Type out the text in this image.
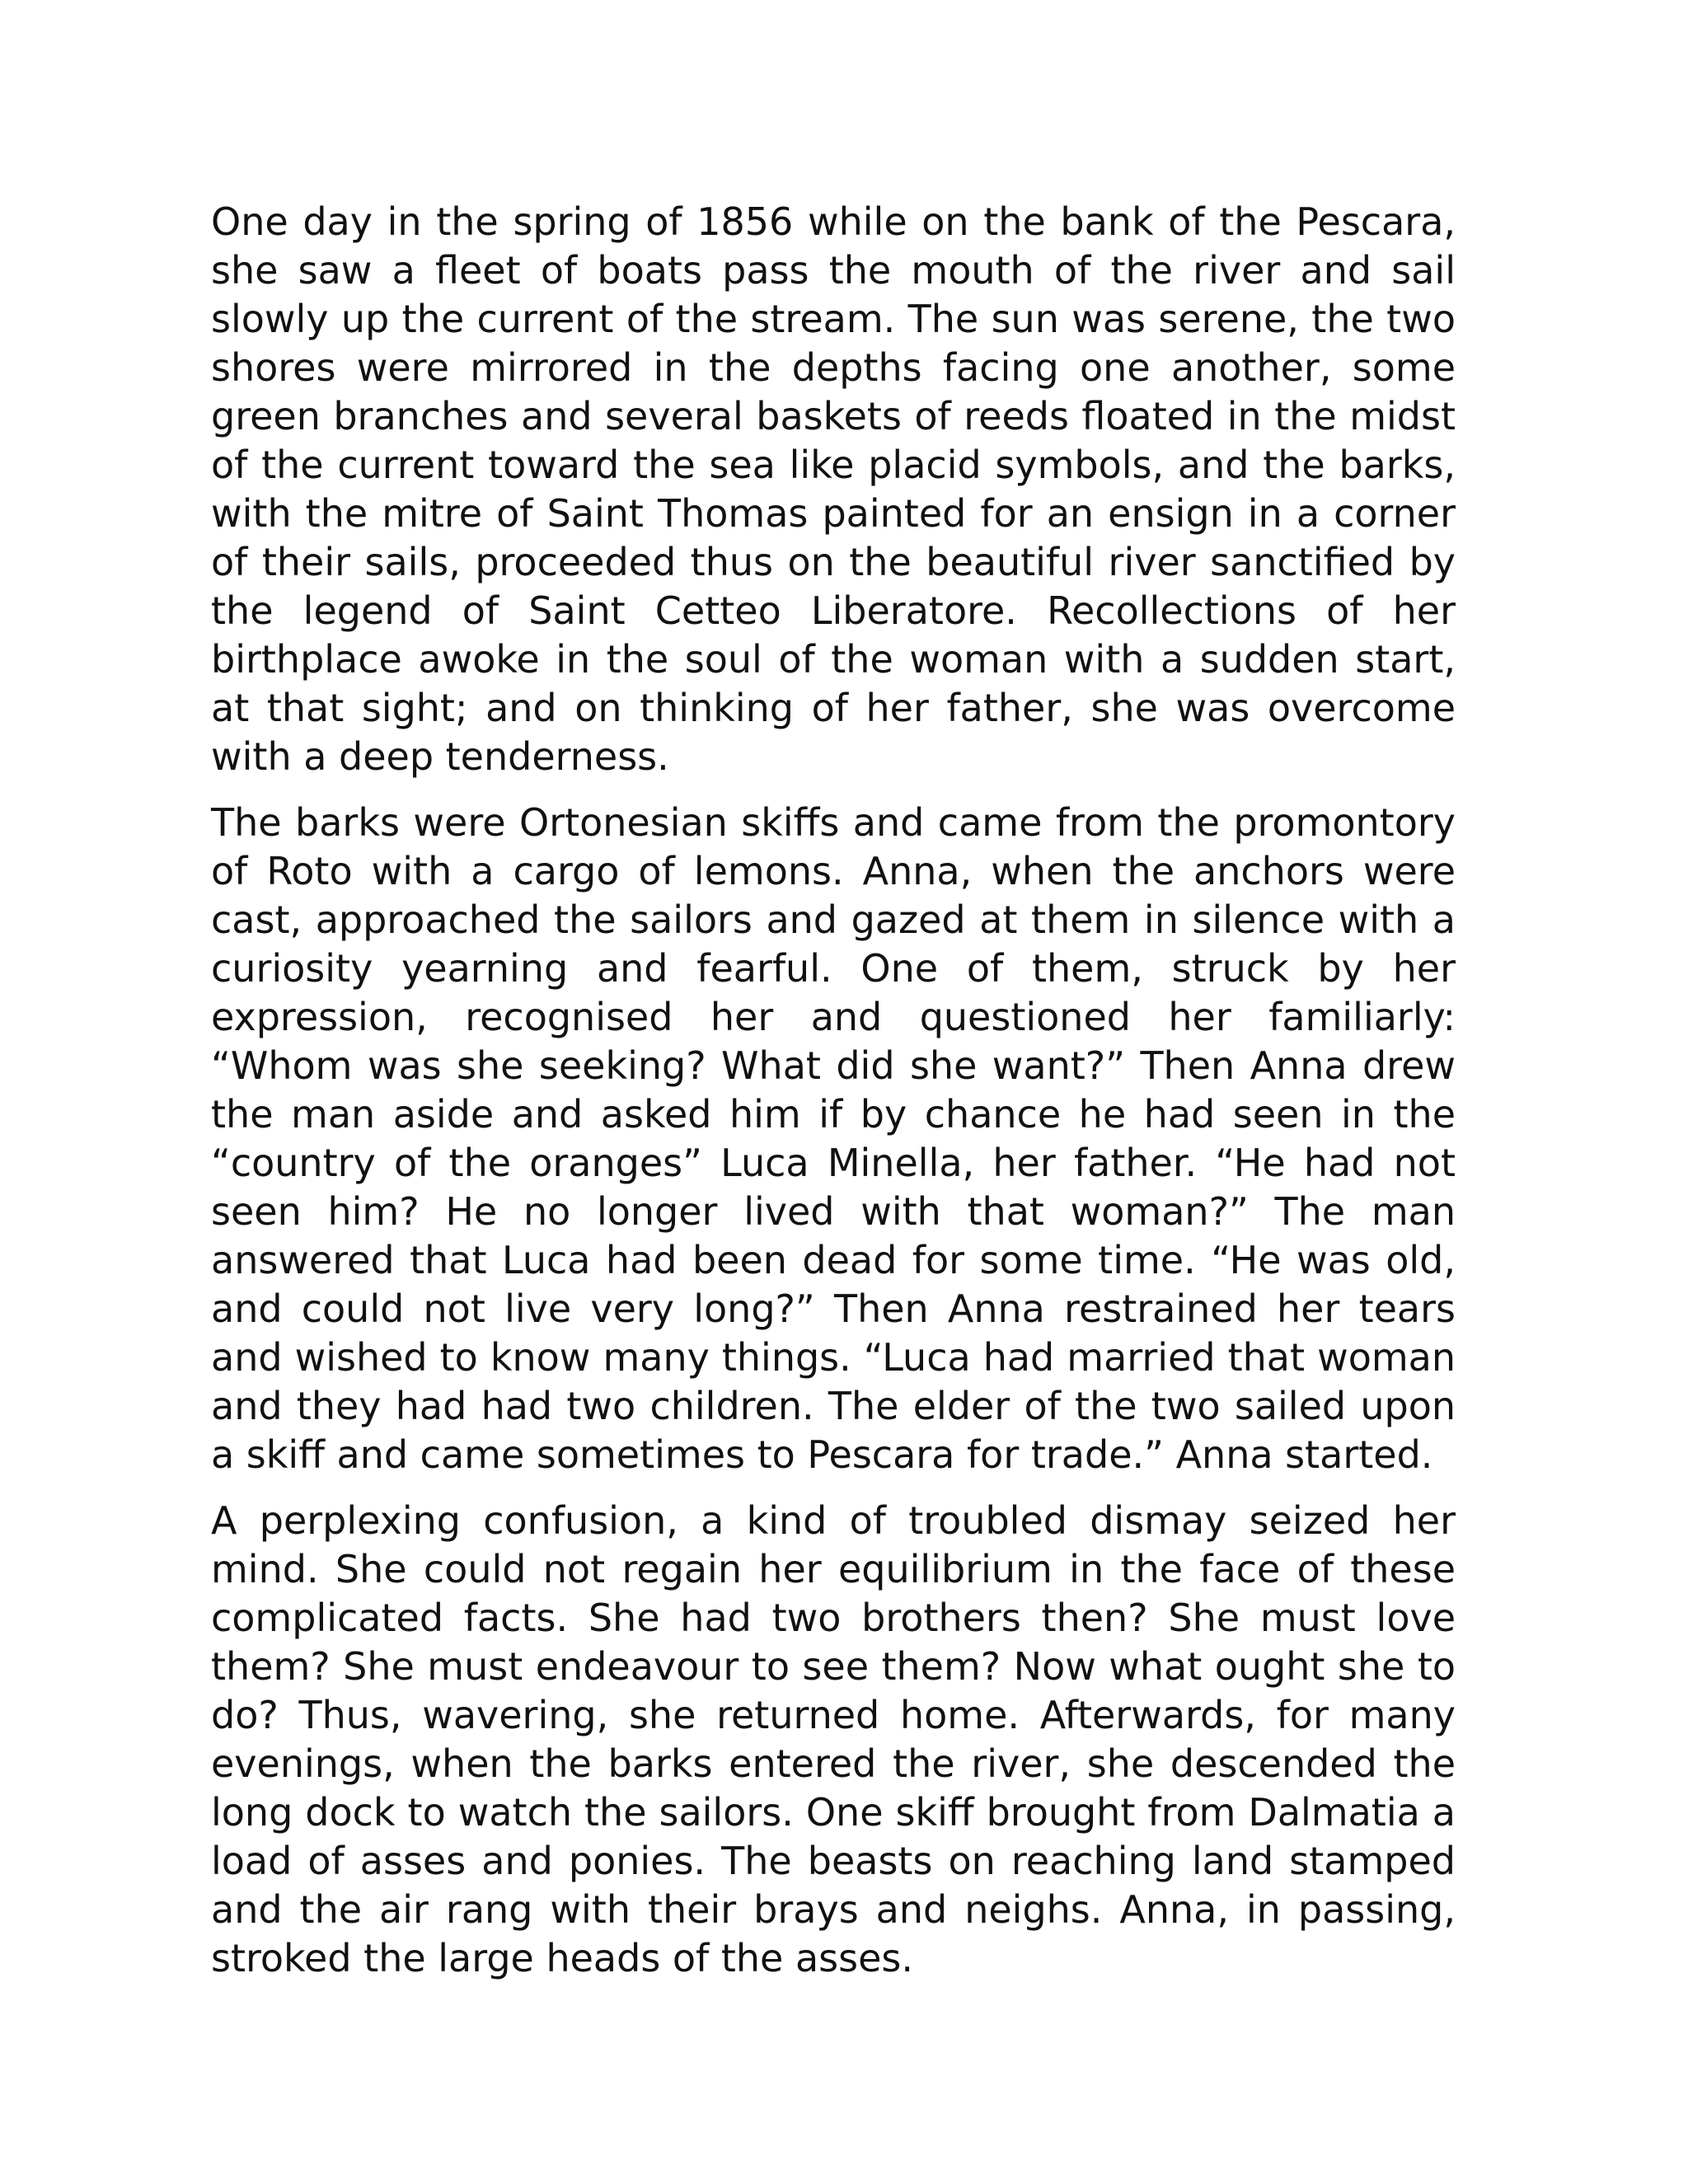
One day in the spring of 1856 while on the bank of the Pescara, she saw a fleet of boats pass the mouth of the river and sail slowly up the current of the stream. The sun was serene, the two shores were mirrored in the depths facing one another, some green branches and several baskets of reeds floated in the midst of the current toward the sea like placid symbols, and the barks, with the mitre of Saint Thomas painted for an ensign in a corner of their sails, proceeded thus on the beautiful river sanctified by the legend of Saint Cetteo Liberatore. Recollections of her birthplace awoke in the soul of the woman with a sudden start, at that sight; and on thinking of her father, she was overcome with a deep tenderness.

The barks were Ortonesian skiffs and came from the promontory of Roto with a cargo of lemons. Anna, when the anchors were cast, approached the sailors and gazed at them in silence with a curiosity yearning and fearful. One of them, struck by her expression, recognised her and questioned her familiarly: “Whom was she seeking? What did she want?” Then Anna drew the man aside and asked him if by chance he had seen in the “country of the oranges” Luca Minella, her father. “He had not seen him? He no longer lived with that woman?” The man answered that Luca had been dead for some time. “He was old, and could not live very long?” Then Anna restrained her tears and wished to know many things. “Luca had married that woman and they had had two children. The elder of the two sailed upon a skiff and came sometimes to Pescara for trade.” Anna started.

A perplexing confusion, a kind of troubled dismay seized her mind. She could not regain her equilibrium in the face of these complicated facts. She had two brothers then? She must love them? She must endeavour to see them? Now what ought she to do? Thus, wavering, she returned home. Afterwards, for many evenings, when the barks entered the river, she descended the long dock to watch the sailors. One skiff brought from Dalmatia a load of asses and ponies. The beasts on reaching land stamped and the air rang with their brays and neighs. Anna, in passing, stroked the large heads of the asses.
